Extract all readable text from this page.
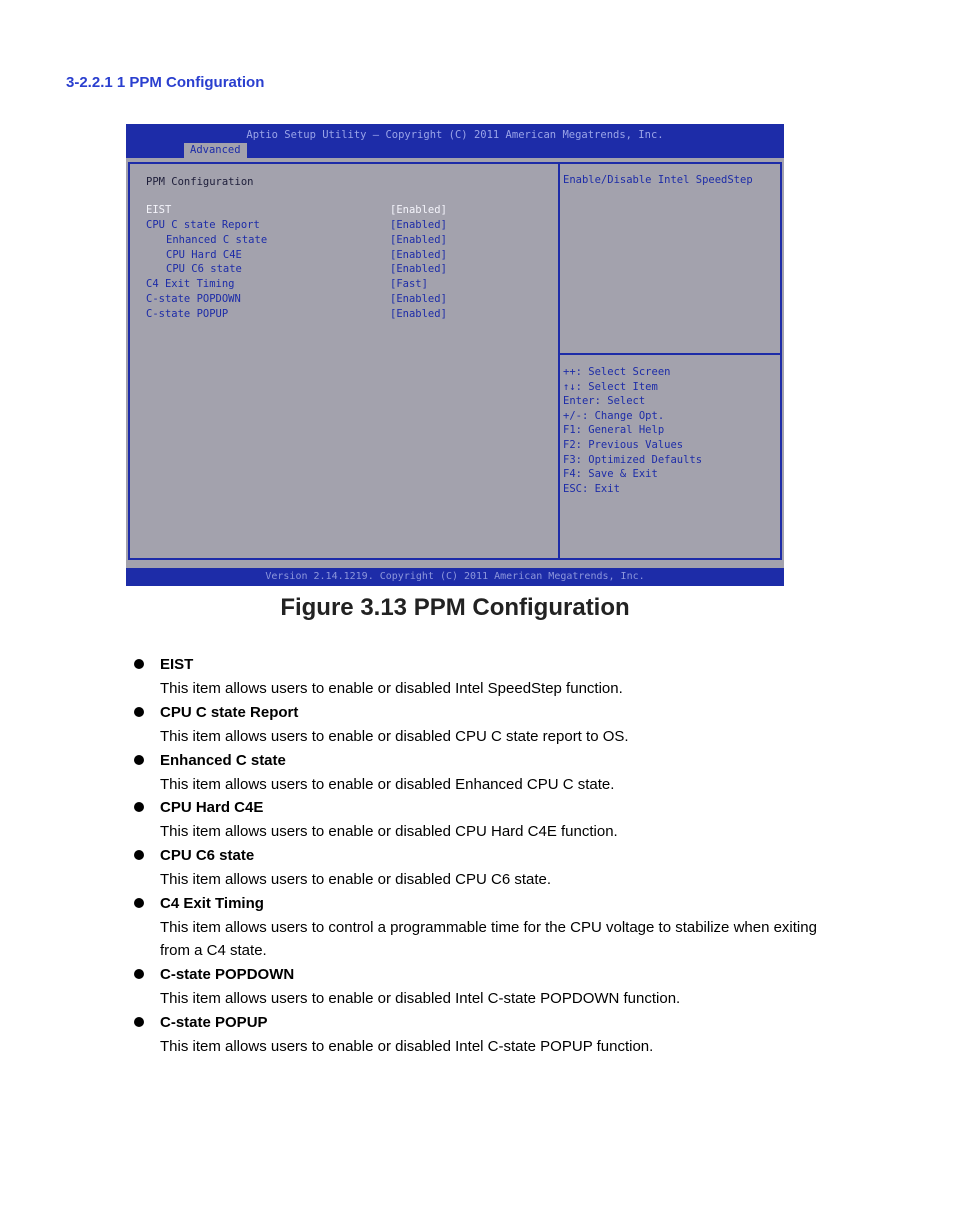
3-2.2.1 1 PPM Configuration
Aptio Setup Utility – Copyright (C) 2011 American Megatrends, Inc.
Advanced
PPM Configuration
EIST	[Enabled]
CPU C state Report	[Enabled]
Enhanced C state	[Enabled]
CPU Hard C4E	[Enabled]
CPU C6 state	[Enabled]
C4 Exit Timing	[Fast]
C-state POPDOWN	[Enabled]
C-state POPUP	[Enabled]
Enable/Disable Intel SpeedStep
++: Select Screen
↑↓: Select Item
Enter: Select
+/-: Change Opt.
F1: General Help
F2: Previous Values
F3: Optimized Defaults
F4: Save & Exit
ESC: Exit
Version 2.14.1219. Copyright (C) 2011 American Megatrends, Inc.
Figure 3.13 PPM Configuration
EIST
This item allows users to enable or disabled Intel SpeedStep function.
CPU C state Report
This item allows users to enable or disabled CPU C state report to OS.
Enhanced C state
This item allows users to enable or disabled Enhanced CPU C state.
CPU Hard C4E
This item allows users to enable or disabled CPU Hard C4E function.
CPU C6 state
This item allows users to enable or disabled CPU C6 state.
C4 Exit Timing
This item allows users to control a programmable time for the CPU voltage to stabilize when exiting from a C4 state.
C-state POPDOWN
This item allows users to enable or disabled Intel C-state POPDOWN function.
C-state POPUP
This item allows users to enable or disabled Intel C-state POPUP function.
